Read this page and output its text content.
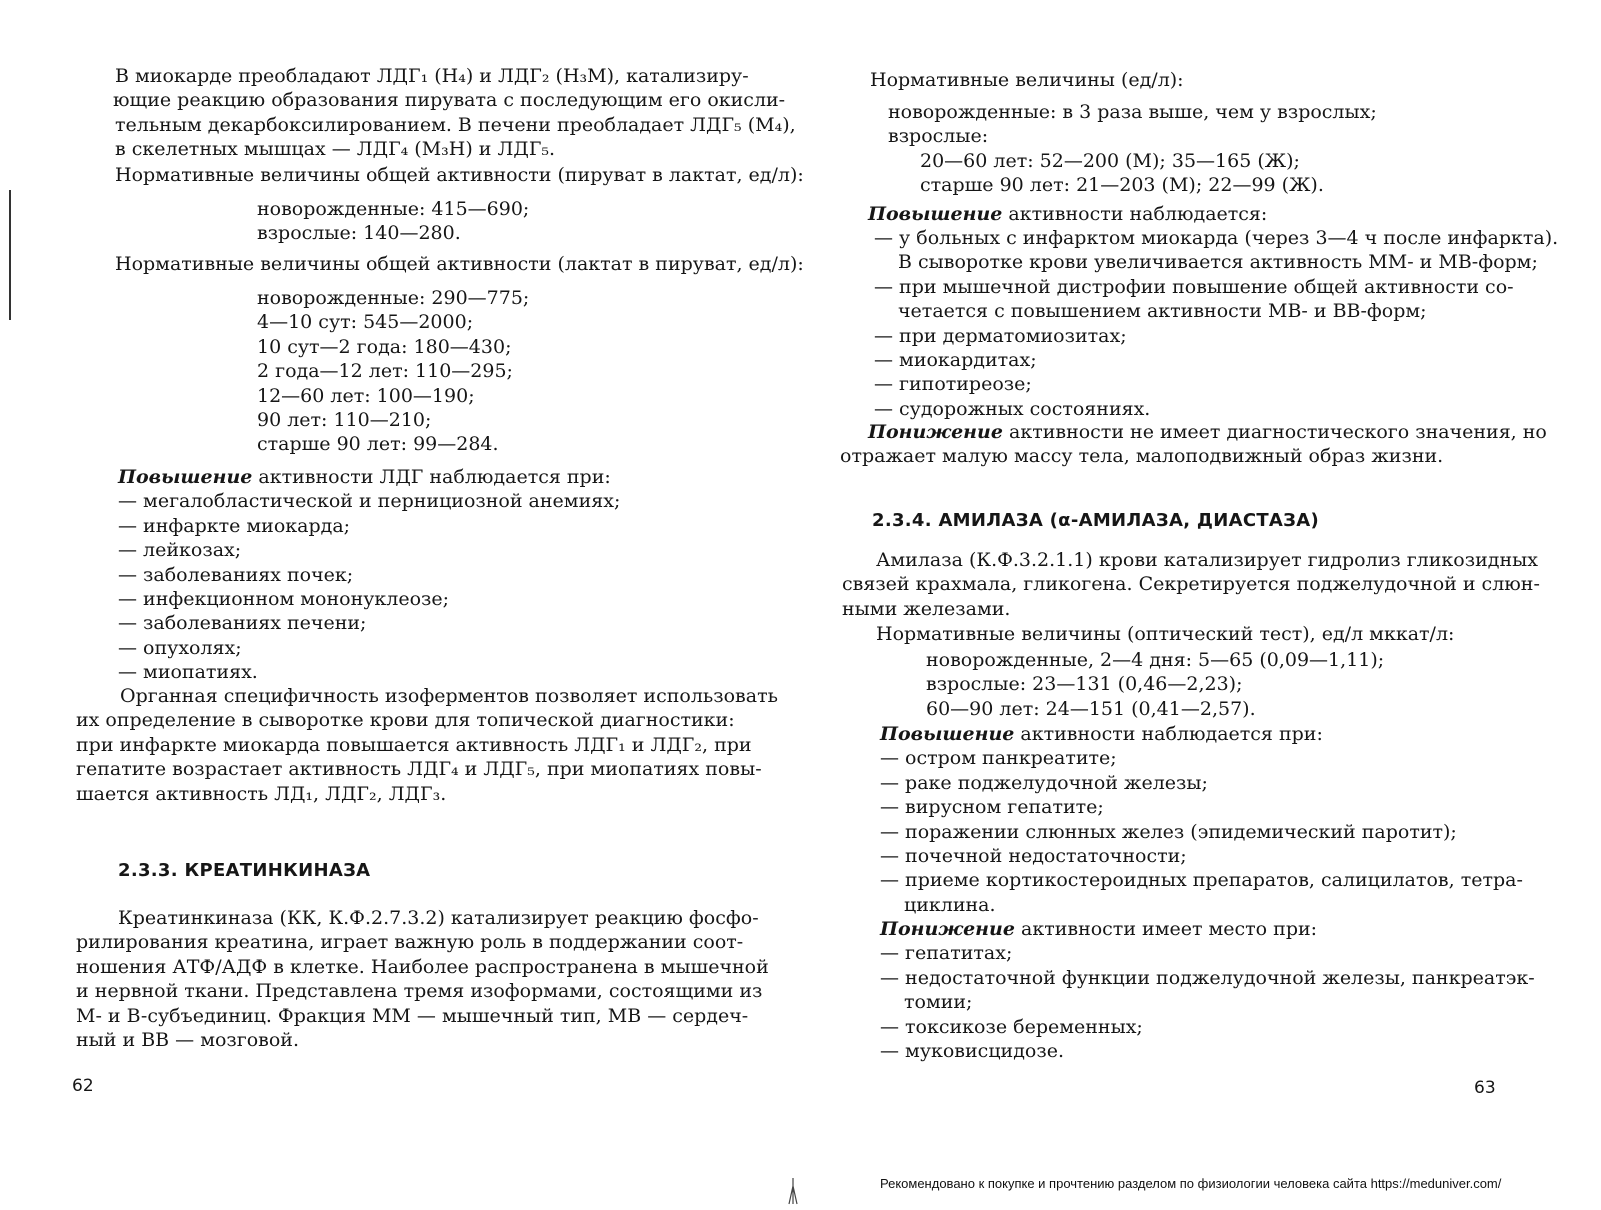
В миокарде преобладают ЛДГ₁ (H₄) и ЛДГ₂ (H₃M), катализиру-
ющие реакцию образования пирувата с последующим его окисли-
тельным декарбоксилированием. В печени преобладает ЛДГ₅ (M₄),
в скелетных мышцах — ЛДГ₄ (M₃H) и ЛДГ₅.
Нормативные величины общей активности (пируват в лактат, ед/л):
новорожденные: 415—690;
взрослые: 140—280.
Нормативные величины общей активности (лактат в пируват, ед/л):
новорожденные: 290—775;
4—10 сут: 545—2000;
10 сут—2 года: 180—430;
2 года—12 лет: 110—295;
12—60 лет: 100—190;
90 лет: 110—210;
старше 90 лет: 99—284.
Повышение активности ЛДГ наблюдается при:
— мегалобластической и пернициозной анемиях;
— инфаркте миокарда;
— лейкозах;
— заболеваниях почек;
— инфекционном мононуклеозе;
— заболеваниях печени;
— опухолях;
— миопатиях.
Органная специфичность изоферментов позволяет использовать
их определение в сыворотке крови для топической диагностики:
при инфаркте миокарда повышается активность ЛДГ₁ и ЛДГ₂, при
гепатите возрастает активность ЛДГ₄ и ЛДГ₅, при миопатиях повы-
шается активность ЛД₁, ЛДГ₂, ЛДГ₃.
2.3.3. КРЕАТИНКИНАЗА
Креатинкиназа (КК, К.Ф.2.7.3.2) катализирует реакцию фосфо-
рилирования креатина, играет важную роль в поддержании соот-
ношения АТФ/АДФ в клетке. Наиболее распространена в мышечной
и нервной ткани. Представлена тремя изоформами, состоящими из
M- и B-субъединиц. Фракция ММ — мышечный тип, МВ — сердеч-
ный и ВВ — мозговой.
62
Нормативные величины (ед/л):
новорожденные: в 3 раза выше, чем у взрослых;
взрослые:
20—60 лет: 52—200 (М); 35—165 (Ж);
старше 90 лет: 21—203 (М); 22—99 (Ж).
Повышение активности наблюдается:
— у больных с инфарктом миокарда (через 3—4 ч после инфаркта).
В сыворотке крови увеличивается активность ММ- и МВ-форм;
— при мышечной дистрофии повышение общей активности со-
четается с повышением активности МВ- и ВВ-форм;
— при дерматомиозитах;
— миокардитах;
— гипотиреозе;
— судорожных состояниях.
Понижение активности не имеет диагностического значения, но
отражает малую массу тела, малоподвижный образ жизни.
2.3.4. АМИЛАЗА (α-АМИЛАЗА, ДИАСТАЗА)
Амилаза (К.Ф.3.2.1.1) крови катализирует гидролиз гликозидных
связей крахмала, гликогена. Секретируется поджелудочной и слюн-
ными железами.
Нормативные величины (оптический тест), ед/л мккат/л:
новорожденные, 2—4 дня: 5—65 (0,09—1,11);
взрослые: 23—131 (0,46—2,23);
60—90 лет: 24—151 (0,41—2,57).
Повышение активности наблюдается при:
— остром панкреатите;
— раке поджелудочной железы;
— вирусном гепатите;
— поражении слюнных желез (эпидемический паротит);
— почечной недостаточности;
— приеме кортикостероидных препаратов, салицилатов, тетра-
циклина.
Понижение активности имеет место при:
— гепатитах;
— недостаточной функции поджелудочной железы, панкреатэк-
томии;
— токсикозе беременных;
— муковисцидозе.
63
Рекомендовано к покупке и прочтению разделом по физиологии человека сайта https://meduniver.com/
